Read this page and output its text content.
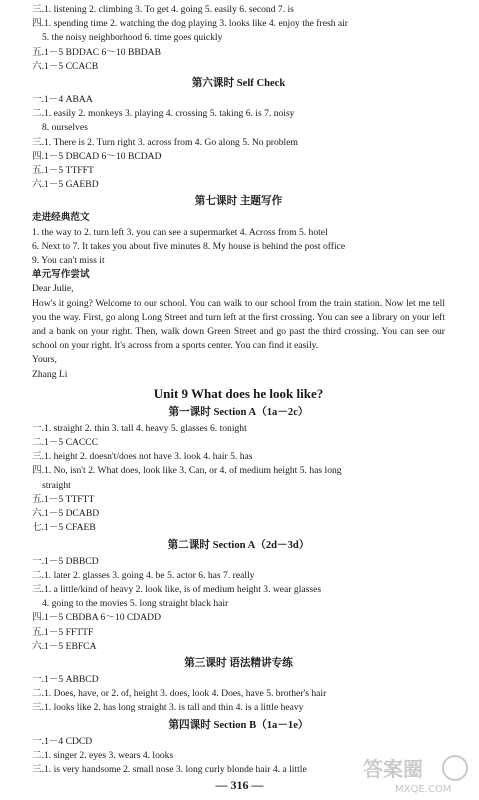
三.1. listening 2. climbing 3. To get 4. going 5. easily 6. second 7. is
四.1. spending time 2. watching the dog playing 3. looks like 4. enjoy the fresh air
5. the noisy neighborhood 6. time goes quickly
五.1－5 BDDAC 6～10 BBDAB
六.1－5 CCACB
第六课时 Self Check
一.1－4 ABAA
二.1. easily 2. monkeys 3. playing 4. crossing 5. taking 6. is 7. noisy
8. ourselves
三.1. There is 2. Turn right 3. across from 4. Go along 5. No problem
四.1－5 DBCAD 6～10 BCDAD
五.1－5 TTFFT
六.1－5 GAEBD
第七课时 主题写作
走进经典范文
1. the way to 2. turn left 3. you can see a supermarket 4. Across from 5. hotel
6. Next to 7. It takes you about five minutes 8. My house is behind the post office
9. You can't miss it
单元写作尝试
Dear Julie,
How's it going? Welcome to our school. You can walk to our school from the train station. Now let me tell you the way. First, go along Long Street and turn left at the first crossing. You can see a library on your left and a bank on your right. Then, walk down Green Street and go past the third crossing. You can see our school on your right. It's across from a sports center. You can find it easily.
Yours,
Zhang Li
Unit 9 What does he look like?
第一课时 Section A（1a－2c）
一.1. straight 2. thin 3. tall 4. heavy 5. glasses 6. tonight
二.1－5 CACCC
三.1. height 2. doesn't/does not have 3. look 4. hair 5. has
四.1. No, isn't 2. What does, look like 3. Can, or 4. of medium height 5. has long
straight
五.1－5 TTFTT
六.1－5 DCABD
七.1－5 CFAEB
第二课时 Section A（2d－3d）
一.1－5 DBBCD
二.1. later 2. glasses 3. going 4. be 5. actor 6. has 7. really
三.1. a little/kind of heavy 2. look like, is of medium height 3. wear glasses
4. going to the movies 5. long straight black hair
四.1－5 CBDBA 6～10 CDADD
五.1－5 FFTTF
六.1－5 EBFCA
第三课时 语法精讲专练
一.1－5 ABBCD
二.1. Does, have, or 2. of, height 3. does, look 4. Does, have 5. brother's hair
三.1. looks like 2. has long straight 3. is tall and thin 4. is a little heavy
第四课时 Section B（1a－1e）
一.1－4 CDCD
二.1. singer 2. eyes 3. wears 4. looks
三.1. is very handsome 2. small nose 3. long curly blonde hair 4. a little
— 316 —
答案圈
MXQE.COM
